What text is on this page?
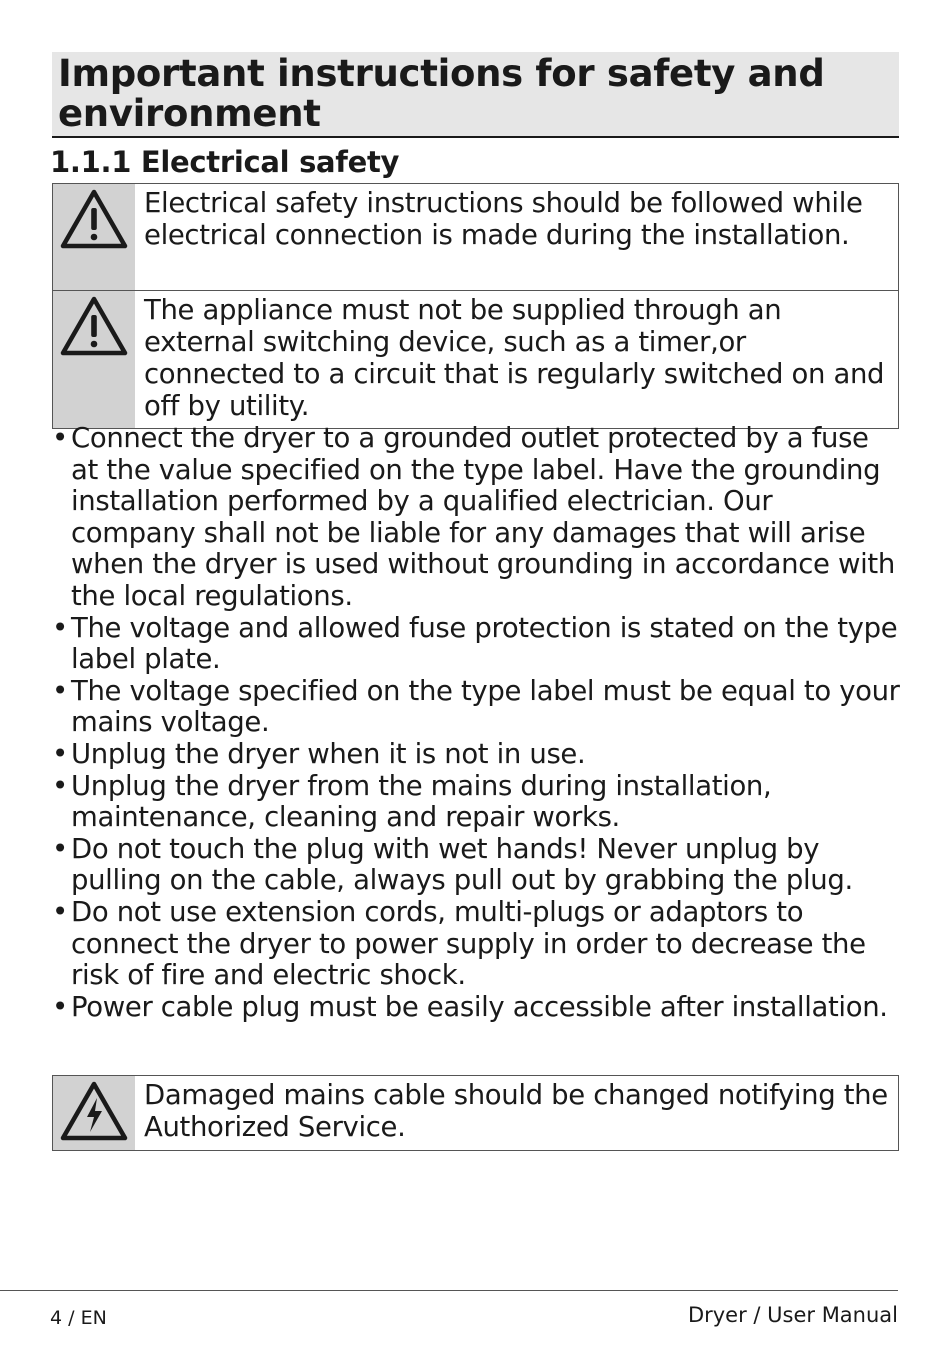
Important instructions for safety and
environment
1.1.1 Electrical safety
Electrical safety instructions should be followed while electrical connection is made during the installation.
The appliance must not be supplied through an external switching device, such as a timer,or connected to a circuit that is regularly switched on and off by utility.
• Connect the dryer to a grounded outlet protected by a fuse at the value specified on the type label. Have the grounding installation performed by a qualified electrician. Our company shall not be liable for any damages that will arise when the dryer is used without grounding in accordance with the local regulations.
• The voltage and allowed fuse protection is stated on the type label plate.
• The voltage specified on the type label must be equal to your mains voltage.
• Unplug the dryer when it is not in use.
• Unplug the dryer from the mains during installation, maintenance, cleaning and repair works.
• Do not touch the plug with wet hands! Never unplug by pulling on the cable, always pull out by grabbing the plug.
• Do not use extension cords, multi-plugs or adaptors to connect the dryer to power supply in order to decrease the risk of fire and electric shock.
• Power cable plug must be easily accessible after installation.
Damaged mains cable should be changed notifying the Authorized Service.
4 / EN	Dryer / User Manual
